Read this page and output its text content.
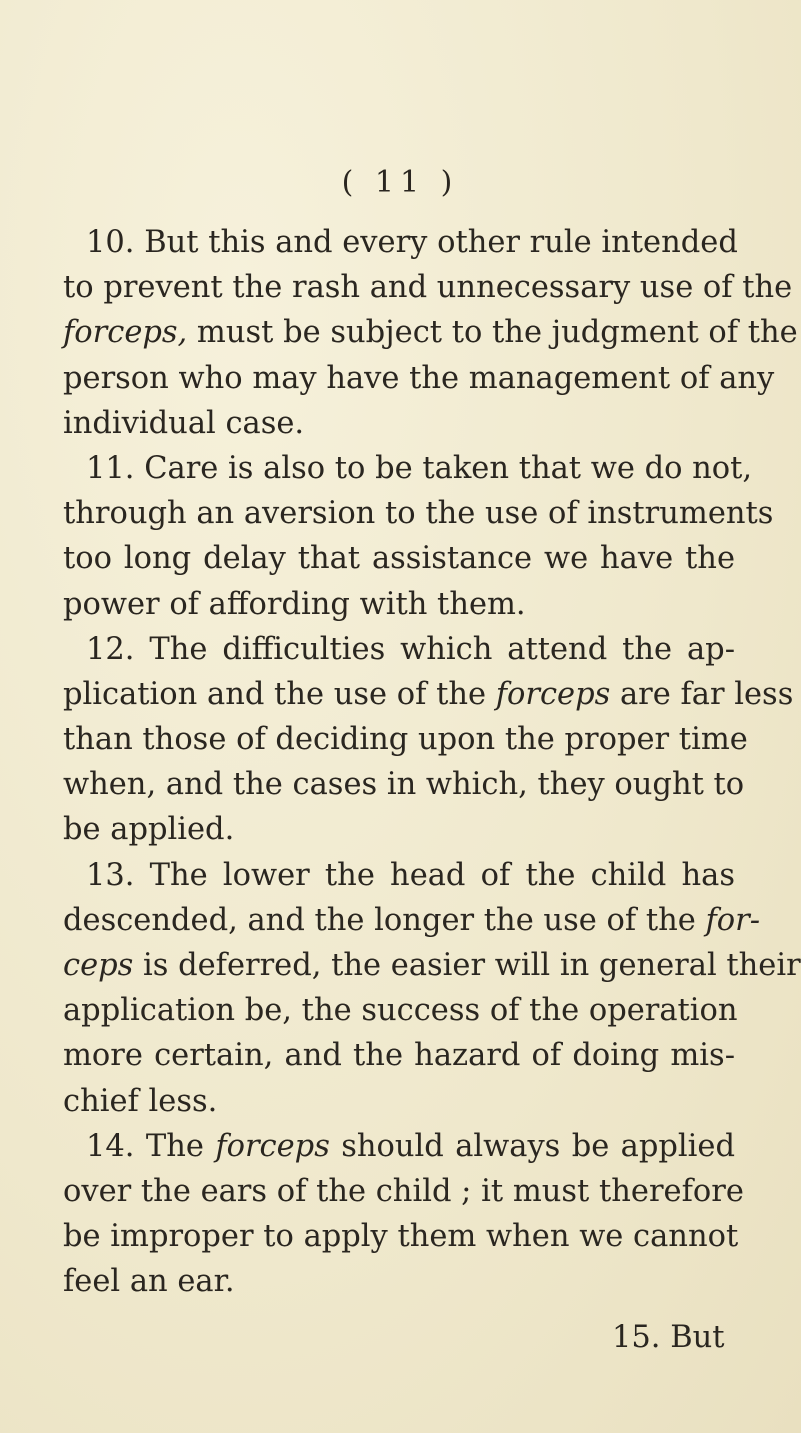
( 11 )
10. But this and every other rule intended
to prevent the rash and unnecessary use of the
forceps, must be subject to the judgment of the
person who may have the management of any
individual case.
11. Care is also to be taken that we do not,
through an aversion to the use of instruments
too long delay that assistance we have the
power of affording with them.
12. The difficulties which attend the ap-
plication and the use of the forceps are far less
than those of deciding upon the proper time
when, and the cases in which, they ought to
be applied.
13. The lower the head of the child has
descended, and the longer the use of the for-
ceps is deferred, the easier will in general their
application be, the success of the operation
more certain, and the hazard of doing mis-
chief less.
14. The forceps should always be applied
over the ears of the child ; it must therefore
be improper to apply them when we cannot
feel an ear.
15. But
